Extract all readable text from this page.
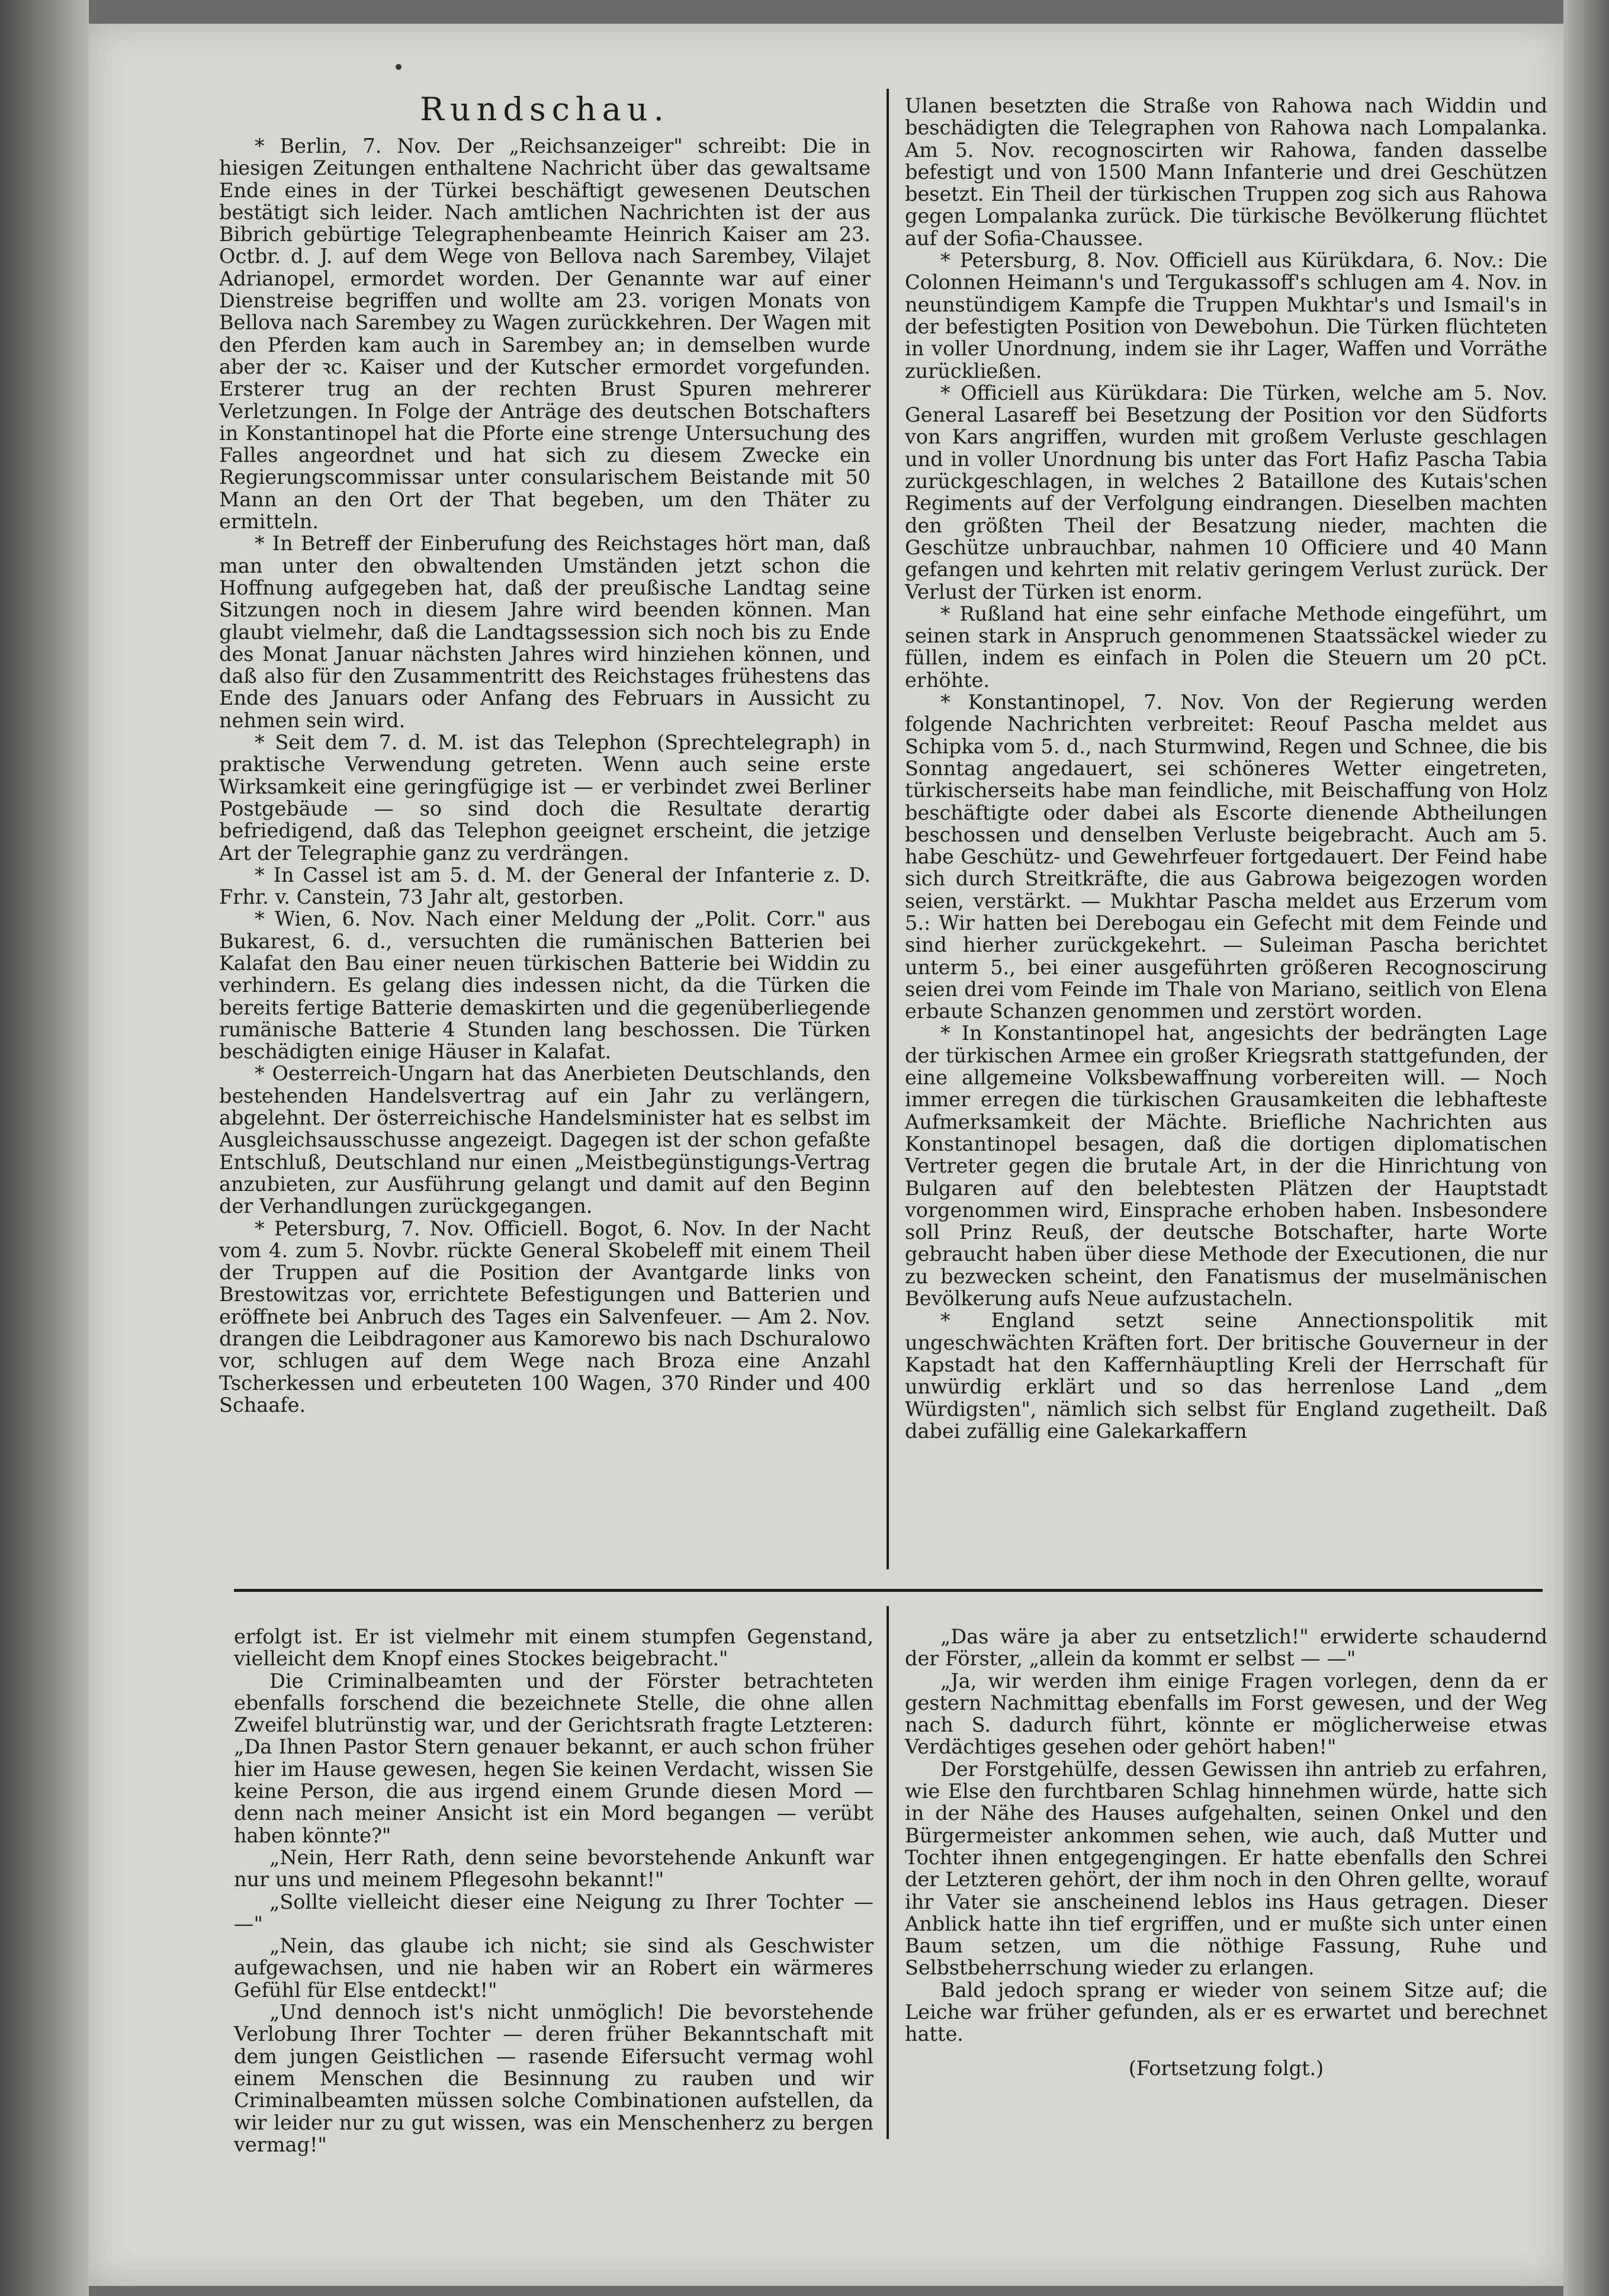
Rundschau.

* Berlin, 7. Nov. Der „Reichsanzeiger" schreibt: Die in hiesigen Zeitungen enthaltene Nachricht über das gewaltsame Ende eines in der Türkei beschäftigt gewesenen Deutschen bestätigt sich leider. Nach amtlichen Nachrichten ist der aus Bibrich gebürtige Telegraphenbeamte Heinrich Kaiser am 23. Octbr. d. J. auf dem Wege von Bellova nach Sarembey, Vilajet Adrianopel, ermordet worden. Der Genannte war auf einer Dienstreise begriffen und wollte am 23. vorigen Monats von Bellova nach Sarembey zu Wagen zurückkehren. Der Wagen mit den Pferden kam auch in Sarembey an; in demselben wurde aber der ꝛc. Kaiser und der Kutscher ermordet vorgefunden. Ersterer trug an der rechten Brust Spuren mehrerer Verletzungen. In Folge der Anträge des deutschen Botschafters in Konstantinopel hat die Pforte eine strenge Untersuchung des Falles angeordnet und hat sich zu diesem Zwecke ein Regierungscommissar unter consularischem Beistande mit 50 Mann an den Ort der That begeben, um den Thäter zu ermitteln.

* In Betreff der Einberufung des Reichstages hört man, daß man unter den obwaltenden Umständen jetzt schon die Hoffnung aufgegeben hat, daß der preußische Landtag seine Sitzungen noch in diesem Jahre wird beenden können. Man glaubt vielmehr, daß die Landtagssession sich noch bis zu Ende des Monat Januar nächsten Jahres wird hinziehen können, und daß also für den Zusammentritt des Reichstages frühestens das Ende des Januars oder Anfang des Februars in Aussicht zu nehmen sein wird.

* Seit dem 7. d. M. ist das Telephon (Sprechtelegraph) in praktische Verwendung getreten. Wenn auch seine erste Wirksamkeit eine geringfügige ist — er verbindet zwei Berliner Postgebäude — so sind doch die Resultate derartig befriedigend, daß das Telephon geeignet erscheint, die jetzige Art der Telegraphie ganz zu verdrängen.

* In Cassel ist am 5. d. M. der General der Infanterie z. D. Frhr. v. Canstein, 73 Jahr alt, gestorben.

* Wien, 6. Nov. Nach einer Meldung der „Polit. Corr." aus Bukarest, 6. d., versuchten die rumänischen Batterien bei Kalafat den Bau einer neuen türkischen Batterie bei Widdin zu verhindern. Es gelang dies indessen nicht, da die Türken die bereits fertige Batterie demaskirten und die gegenüberliegende rumänische Batterie 4 Stunden lang beschossen. Die Türken beschädigten einige Häuser in Kalafat.

* Oesterreich-Ungarn hat das Anerbieten Deutschlands, den bestehenden Handelsvertrag auf ein Jahr zu verlängern, abgelehnt. Der österreichische Handelsminister hat es selbst im Ausgleichsausschusse angezeigt. Dagegen ist der schon gefaßte Entschluß, Deutschland nur einen „Meistbegünstigungs-Vertrag anzubieten, zur Ausführung gelangt und damit auf den Beginn der Verhandlungen zurückgegangen.

* Petersburg, 7. Nov. Officiell. Bogot, 6. Nov. In der Nacht vom 4. zum 5. Novbr. rückte General Skobeleff mit einem Theil der Truppen auf die Position der Avantgarde links von Brestowitzas vor, errichtete Befestigungen und Batterien und eröffnete bei Anbruch des Tages ein Salvenfeuer. — Am 2. Nov. drangen die Leibdragoner aus Kamorewo bis nach Dschuralowo vor, schlugen auf dem Wege nach Broza eine Anzahl Tscherkessen und erbeuteten 100 Wagen, 370 Rinder und 400 Schaafe.

Ulanen besetzten die Straße von Rahowa nach Widdin und beschädigten die Telegraphen von Rahowa nach Lompalanka. Am 5. Nov. recognoscirten wir Rahowa, fanden dasselbe befestigt und von 1500 Mann Infanterie und drei Geschützen besetzt. Ein Theil der türkischen Truppen zog sich aus Rahowa gegen Lompalanka zurück. Die türkische Bevölkerung flüchtet auf der Sofia-Chaussee.

* Petersburg, 8. Nov. Officiell aus Kürükdara, 6. Nov.: Die Colonnen Heimann's und Tergukassoff's schlugen am 4. Nov. in neunstündigem Kampfe die Truppen Mukhtar's und Ismail's in der befestigten Position von Dewebohun. Die Türken flüchteten in voller Unordnung, indem sie ihr Lager, Waffen und Vorräthe zurückließen.

* Officiell aus Kürükdara: Die Türken, welche am 5. Nov. General Lasareff bei Besetzung der Position vor den Südforts von Kars angriffen, wurden mit großem Verluste geschlagen und in voller Unordnung bis unter das Fort Hafiz Pascha Tabia zurückgeschlagen, in welches 2 Bataillone des Kutais'schen Regiments auf der Verfolgung eindrangen. Dieselben machten den größten Theil der Besatzung nieder, machten die Geschütze unbrauchbar, nahmen 10 Officiere und 40 Mann gefangen und kehrten mit relativ geringem Verlust zurück. Der Verlust der Türken ist enorm.

* Rußland hat eine sehr einfache Methode eingeführt, um seinen stark in Anspruch genommenen Staatssäckel wieder zu füllen, indem es einfach in Polen die Steuern um 20 pCt. erhöhte.

* Konstantinopel, 7. Nov. Von der Regierung werden folgende Nachrichten verbreitet: Reouf Pascha meldet aus Schipka vom 5. d., nach Sturmwind, Regen und Schnee, die bis Sonntag angedauert, sei schöneres Wetter eingetreten, türkischerseits habe man feindliche, mit Beischaffung von Holz beschäftigte oder dabei als Escorte dienende Abtheilungen beschossen und denselben Verluste beigebracht. Auch am 5. habe Geschütz- und Gewehrfeuer fortgedauert. Der Feind habe sich durch Streitkräfte, die aus Gabrowa beigezogen worden seien, verstärkt. — Mukhtar Pascha meldet aus Erzerum vom 5.: Wir hatten bei Derebogau ein Gefecht mit dem Feinde und sind hierher zurückgekehrt. — Suleiman Pascha berichtet unterm 5., bei einer ausgeführten größeren Recognoscirung seien drei vom Feinde im Thale von Mariano, seitlich von Elena erbaute Schanzen genommen und zerstört worden.

* In Konstantinopel hat, angesichts der bedrängten Lage der türkischen Armee ein großer Kriegsrath stattgefunden, der eine allgemeine Volksbewaffnung vorbereiten will. — Noch immer erregen die türkischen Grausamkeiten die lebhafteste Aufmerksamkeit der Mächte. Briefliche Nachrichten aus Konstantinopel besagen, daß die dortigen diplomatischen Vertreter gegen die brutale Art, in der die Hinrichtung von Bulgaren auf den belebtesten Plätzen der Hauptstadt vorgenommen wird, Einsprache erhoben haben. Insbesondere soll Prinz Reuß, der deutsche Botschafter, harte Worte gebraucht haben über diese Methode der Executionen, die nur zu bezwecken scheint, den Fanatismus der muselmänischen Bevölkerung aufs Neue aufzustacheln.

* England setzt seine Annectionspolitik mit ungeschwächten Kräften fort. Der britische Gouverneur in der Kapstadt hat den Kaffernhäuptling Kreli der Herrschaft für unwürdig erklärt und so das herrenlose Land „dem Würdigsten", nämlich sich selbst für England zugetheilt. Daß dabei zufällig eine Galekarkaffern

erfolgt ist. Er ist vielmehr mit einem stumpfen Gegenstand, vielleicht dem Knopf eines Stockes beigebracht."

Die Criminalbeamten und der Förster betrachteten ebenfalls forschend die bezeichnete Stelle, die ohne allen Zweifel blutrünstig war, und der Gerichtsrath fragte Letzteren: „Da Ihnen Pastor Stern genauer bekannt, er auch schon früher hier im Hause gewesen, hegen Sie keinen Verdacht, wissen Sie keine Person, die aus irgend einem Grunde diesen Mord — denn nach meiner Ansicht ist ein Mord begangen — verübt haben könnte?"

„Nein, Herr Rath, denn seine bevorstehende Ankunft war nur uns und meinem Pflegesohn bekannt!"

„Sollte vielleicht dieser eine Neigung zu Ihrer Tochter — —"

„Nein, das glaube ich nicht; sie sind als Geschwister aufgewachsen, und nie haben wir an Robert ein wärmeres Gefühl für Else entdeckt!"

„Und dennoch ist's nicht unmöglich! Die bevorstehende Verlobung Ihrer Tochter — deren früher Bekanntschaft mit dem jungen Geistlichen — rasende Eifersucht vermag wohl einem Menschen die Besinnung zu rauben und wir Criminalbeamten müssen solche Combinationen aufstellen, da wir leider nur zu gut wissen, was ein Menschenherz zu bergen vermag!"

„Das wäre ja aber zu entsetzlich!" erwiderte schaudernd der Förster, „allein da kommt er selbst — —"

„Ja, wir werden ihm einige Fragen vorlegen, denn da er gestern Nachmittag ebenfalls im Forst gewesen, und der Weg nach S. dadurch führt, könnte er möglicherweise etwas Verdächtiges gesehen oder gehört haben!"

Der Forstgehülfe, dessen Gewissen ihn antrieb zu erfahren, wie Else den furchtbaren Schlag hinnehmen würde, hatte sich in der Nähe des Hauses aufgehalten, seinen Onkel und den Bürgermeister ankommen sehen, wie auch, daß Mutter und Tochter ihnen entgegengingen. Er hatte ebenfalls den Schrei der Letzteren gehört, der ihm noch in den Ohren gellte, worauf ihr Vater sie anscheinend leblos ins Haus getragen. Dieser Anblick hatte ihn tief ergriffen, und er mußte sich unter einen Baum setzen, um die nöthige Fassung, Ruhe und Selbstbeherrschung wieder zu erlangen.

Bald jedoch sprang er wieder von seinem Sitze auf; die Leiche war früher gefunden, als er es erwartet und berechnet hatte.

(Fortsetzung folgt.)
